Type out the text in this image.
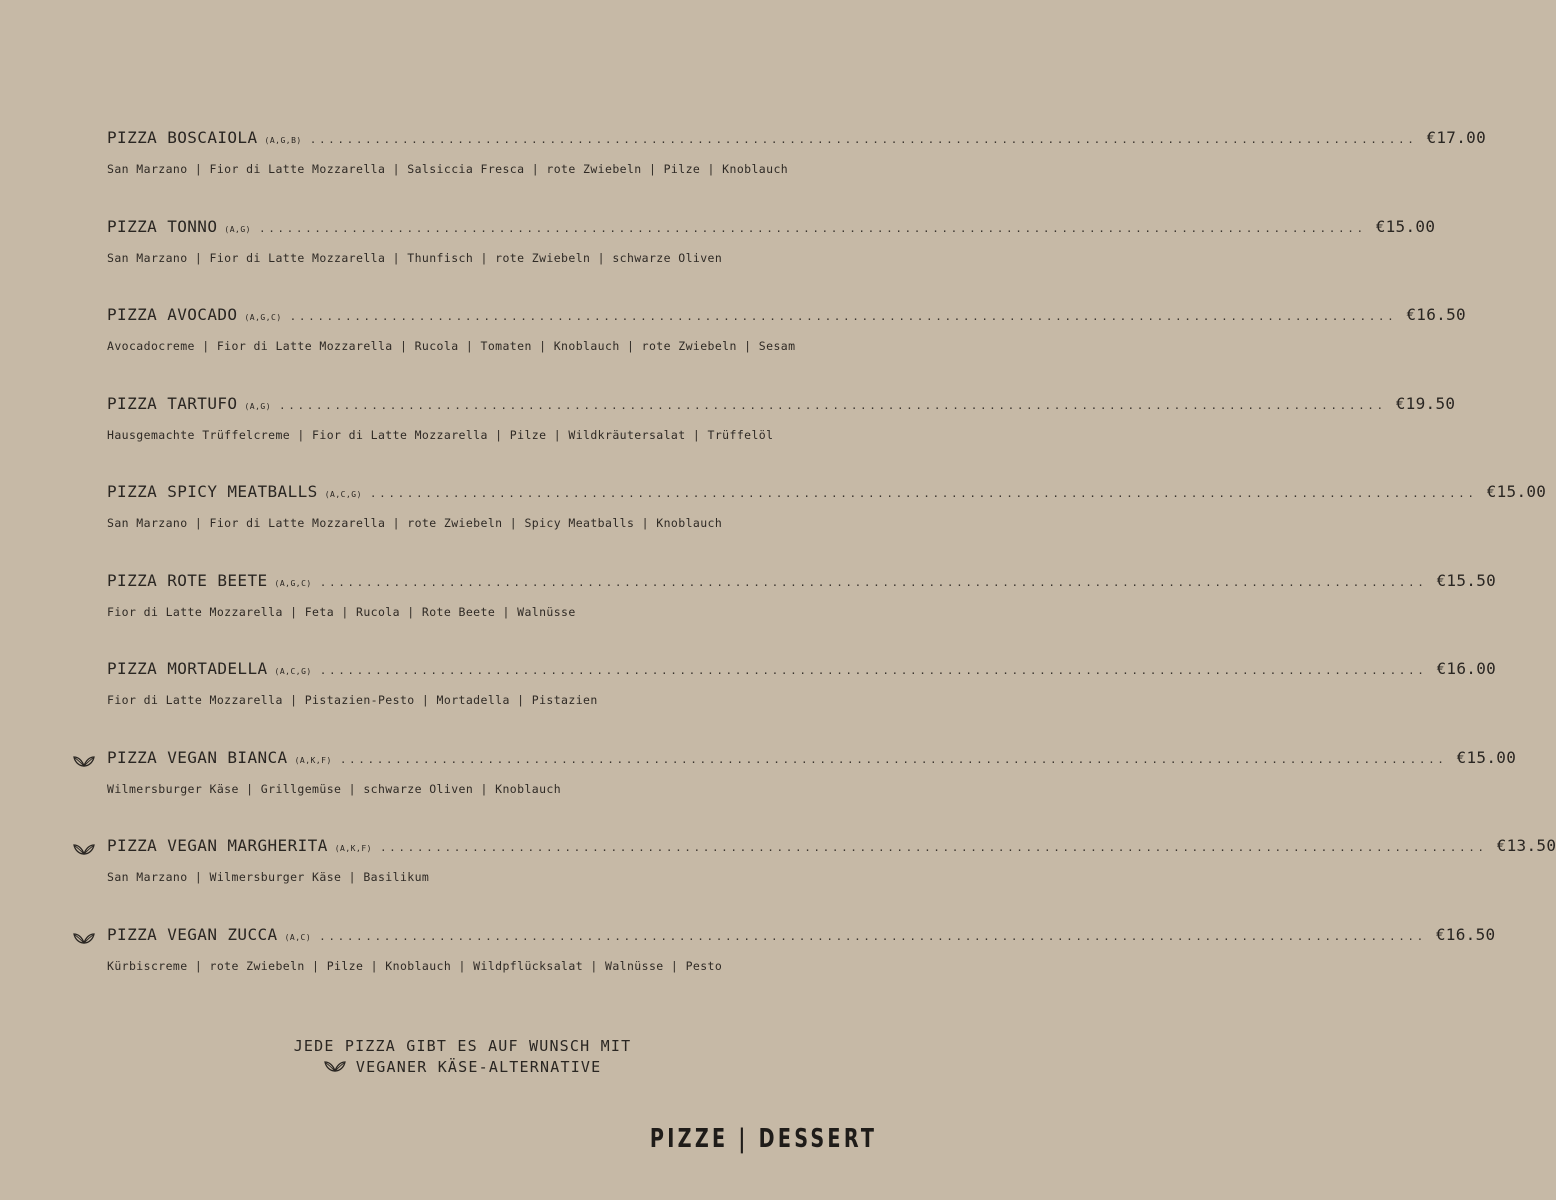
PIZZA BOSCAIOLA (A,G,B) ........................................................................................................................ €17.00
San Marzano | Fior di Latte Mozzarella | Salsiccia Fresca | rote Zwiebeln | Pilze | Knoblauch
PIZZA TONNO (A,G) ........................................................................................................................ €15.00
San Marzano | Fior di Latte Mozzarella | Thunfisch | rote Zwiebeln | schwarze Oliven
PIZZA AVOCADO (A,G,C) ........................................................................................................................ €16.50
Avocadocreme | Fior di Latte Mozzarella | Rucola | Tomaten | Knoblauch | rote Zwiebeln | Sesam
PIZZA TARTUFO (A,G) ........................................................................................................................ €19.50
Hausgemachte Trüffelcreme | Fior di Latte Mozzarella | Pilze | Wildkräutersalat | Trüffelöl
PIZZA SPICY MEATBALLS (A,C,G) ........................................................................................................................ €15.00
San Marzano | Fior di Latte Mozzarella | rote Zwiebeln | Spicy Meatballs | Knoblauch
PIZZA ROTE BEETE (A,G,C) ........................................................................................................................ €15.50
Fior di Latte Mozzarella | Feta | Rucola | Rote Beete | Walnüsse
PIZZA MORTADELLA (A,C,G) ........................................................................................................................ €16.00
Fior di Latte Mozzarella | Pistazien-Pesto | Mortadella | Pistazien
PIZZA VEGAN BIANCA (A,K,F) ........................................................................................................................ €15.00
Wilmersburger Käse | Grillgemüse | schwarze Oliven | Knoblauch
PIZZA VEGAN MARGHERITA (A,K,F) ........................................................................................................................ €13.50
San Marzano | Wilmersburger Käse | Basilikum
PIZZA VEGAN ZUCCA (A,C) ........................................................................................................................ €16.50
Kürbiscreme | rote Zwiebeln | Pilze | Knoblauch | Wildpflücksalat | Walnüsse | Pesto
JEDE PIZZA GIBT ES AUF WUNSCH MIT
VEGANER KÄSE-ALTERNATIVE
PIZZE | DESSERT
